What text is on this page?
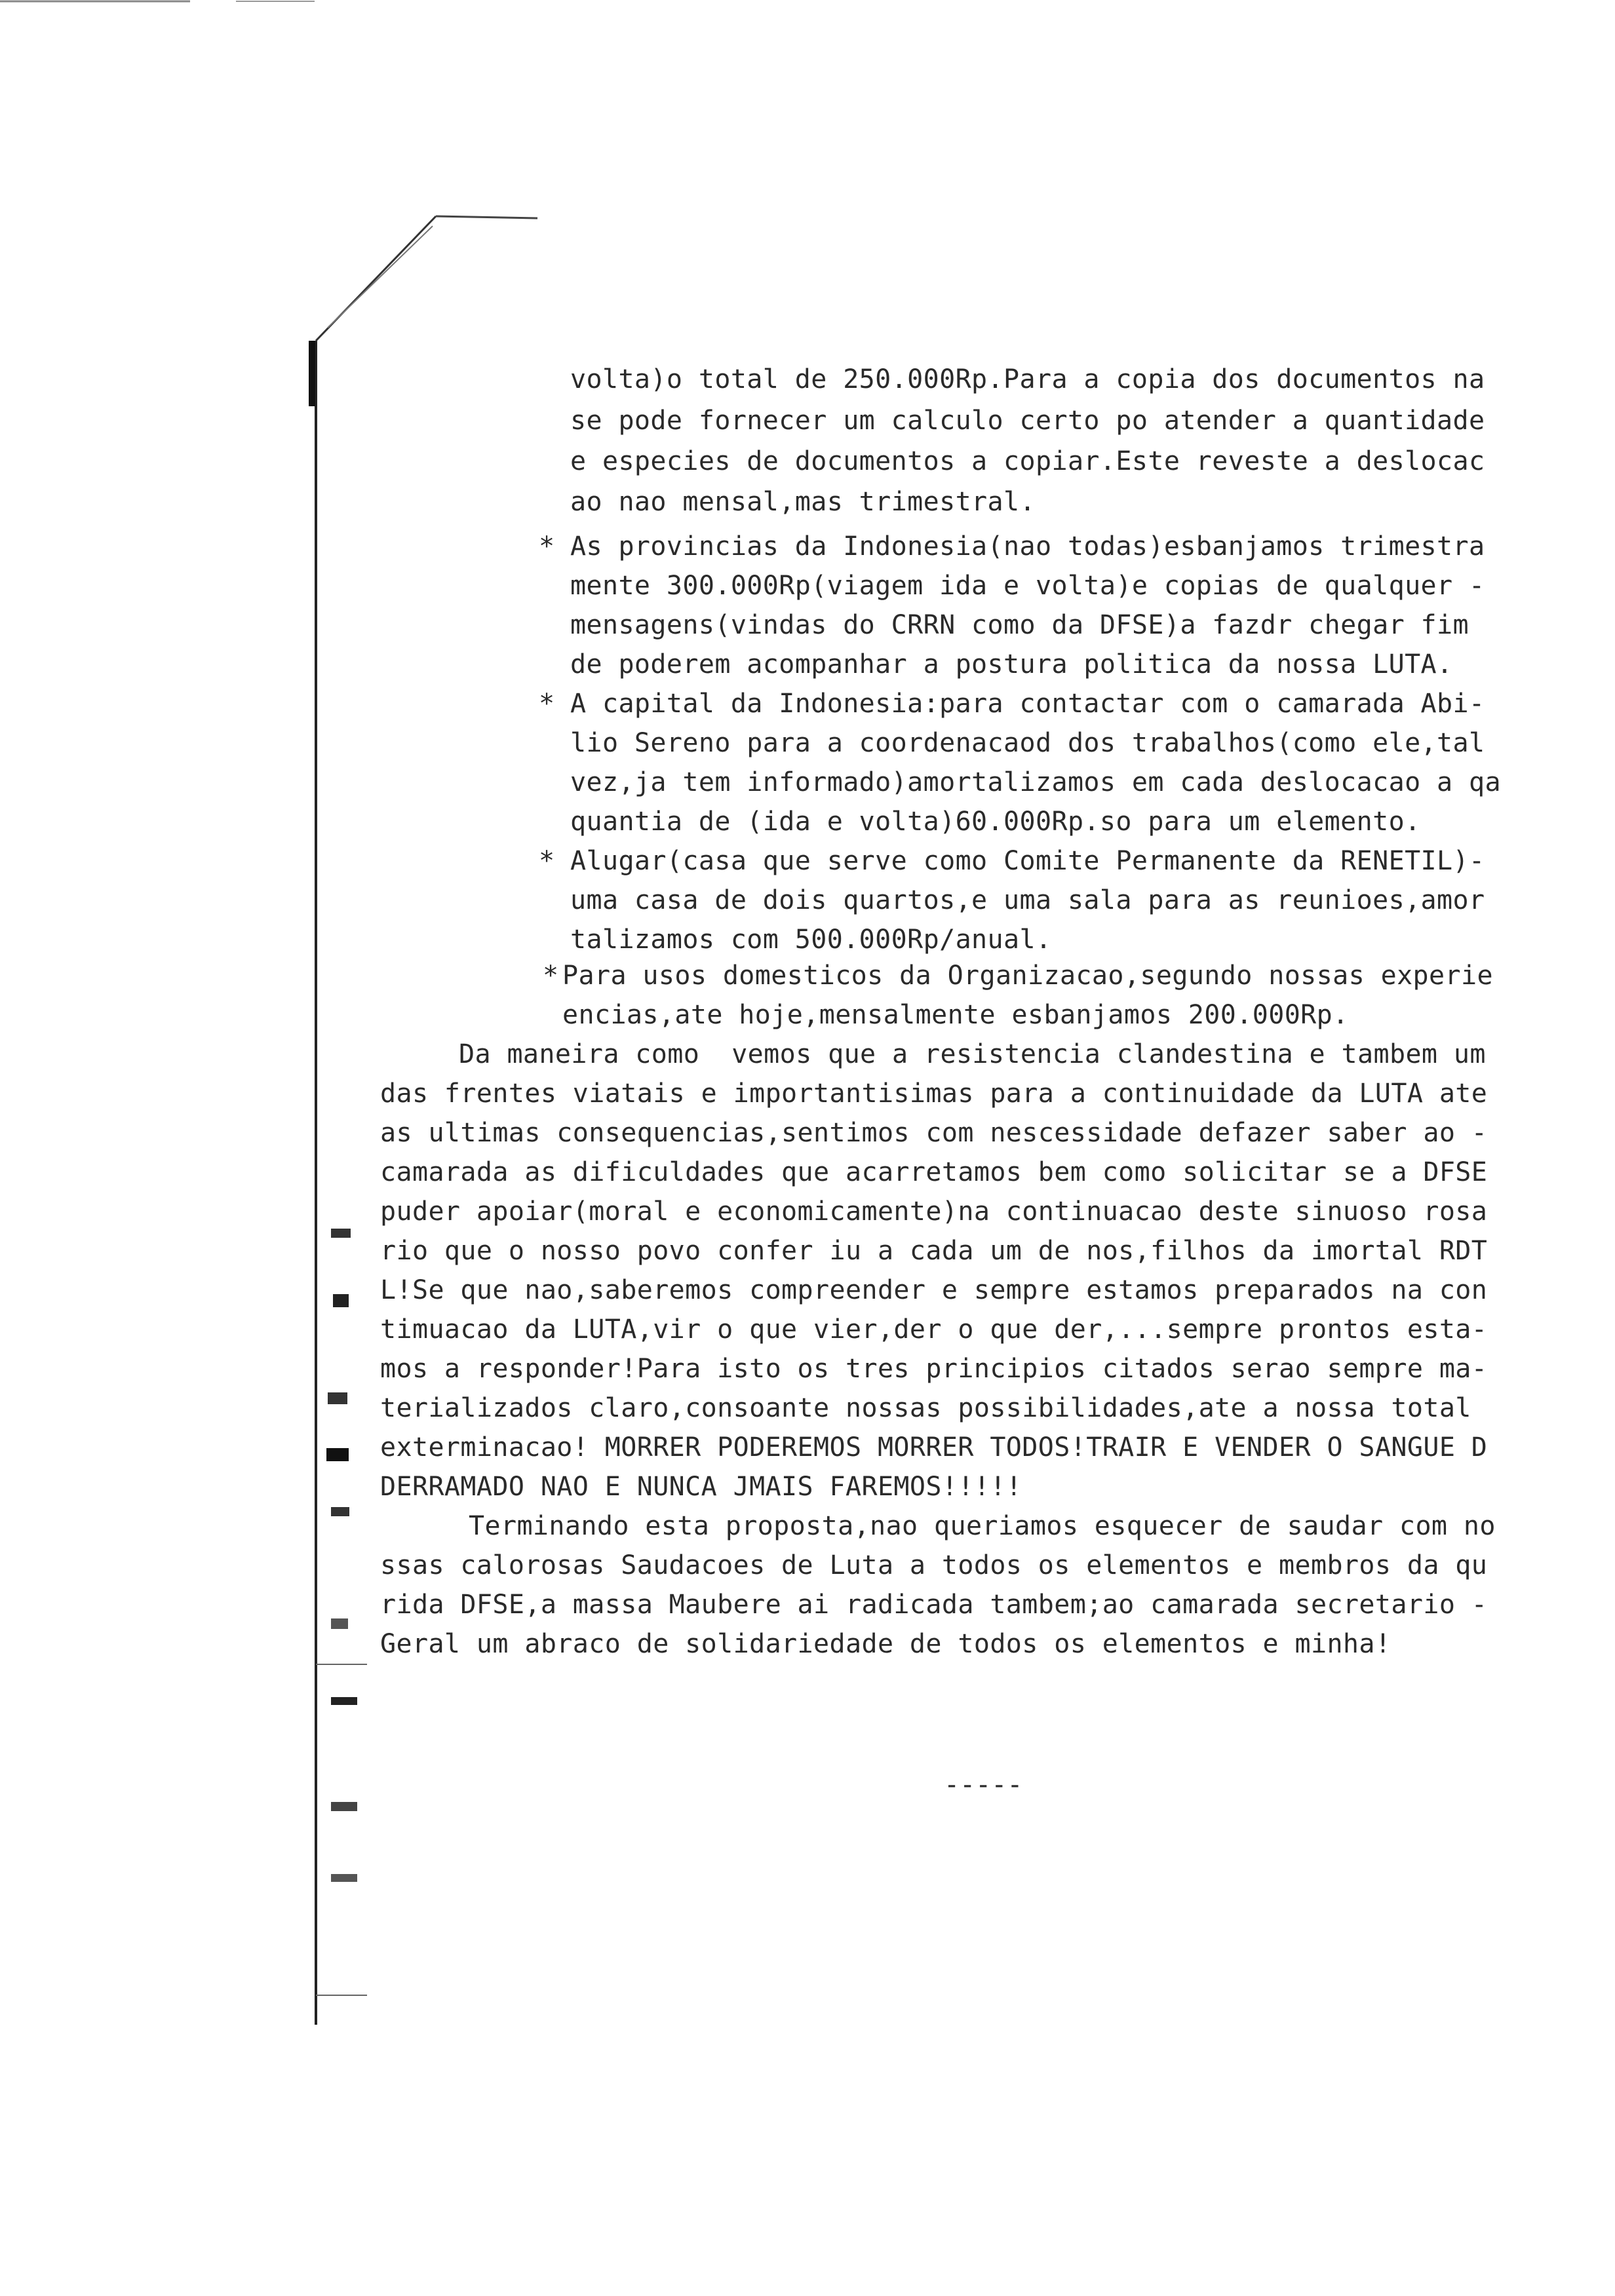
*
*
*
*
volta)o total de 250.000Rp.Para a copia dos documentos na
se pode fornecer um calculo certo po atender a quantidade
e especies de documentos a copiar.Este reveste a deslocac
ao nao mensal,mas trimestral.
As provincias da Indonesia(nao todas)esbanjamos trimestra
mente 300.000Rp(viagem ida e volta)e copias de qualquer -
mensagens(vindas do CRRN como da DFSE)a fazdr chegar fim
de poderem acompanhar a postura politica da nossa LUTA.
A capital da Indonesia:para contactar com o camarada Abi-
lio Sereno para a coordenacaod dos trabalhos(como ele,tal
vez,ja tem informado)amortalizamos em cada deslocacao a qa
quantia de (ida e volta)60.000Rp.so para um elemento.
Alugar(casa que serve como Comite Permanente da RENETIL)-
uma casa de dois quartos,e uma sala para as reunioes,amor
talizamos com 500.000Rp/anual.
Para usos domesticos da Organizacao,segundo nossas experie
encias,ate hoje,mensalmente esbanjamos 200.000Rp.
Da maneira como  vemos que a resistencia clandestina e tambem um
das frentes viatais e importantisimas para a continuidade da LUTA ate
as ultimas consequencias,sentimos com nescessidade defazer saber ao -
camarada as dificuldades que acarretamos bem como solicitar se a DFSE
puder apoiar(moral e economicamente)na continuacao deste sinuoso rosa
rio que o nosso povo confer iu a cada um de nos,filhos da imortal RDT
L!Se que nao,saberemos compreender e sempre estamos preparados na con
timuacao da LUTA,vir o que vier,der o que der,...sempre prontos esta-
mos a responder!Para isto os tres principios citados serao sempre ma-
terializados claro,consoante nossas possibilidades,ate a nossa total
exterminacao! MORRER PODEREMOS MORRER TODOS!TRAIR E VENDER O SANGUE D
DERRAMADO NAO E NUNCA JMAIS FAREMOS!!!!!
Terminando esta proposta,nao queriamos esquecer de saudar com no
ssas calorosas Saudacoes de Luta a todos os elementos e membros da qu
rida DFSE,a massa Maubere ai radicada tambem;ao camarada secretario -
Geral um abraco de solidariedade de todos os elementos e minha!
-----
